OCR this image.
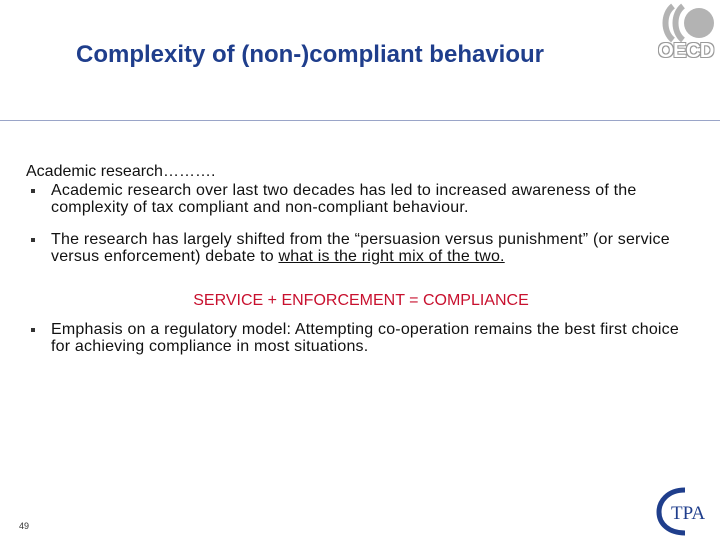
Complexity of (non-)compliant behaviour	OECD
Academic research……….
Academic research over last two decades has led to increased awareness of the complexity of tax compliant and non-compliant behaviour.
The research has largely shifted from the “persuasion versus punishment” (or service versus enforcement) debate to what is the right mix of the two.
SERVICE + ENFORCEMENT = COMPLIANCE
Emphasis on a regulatory model: Attempting co-operation remains the best first choice for achieving compliance in most situations.
49
TPA
